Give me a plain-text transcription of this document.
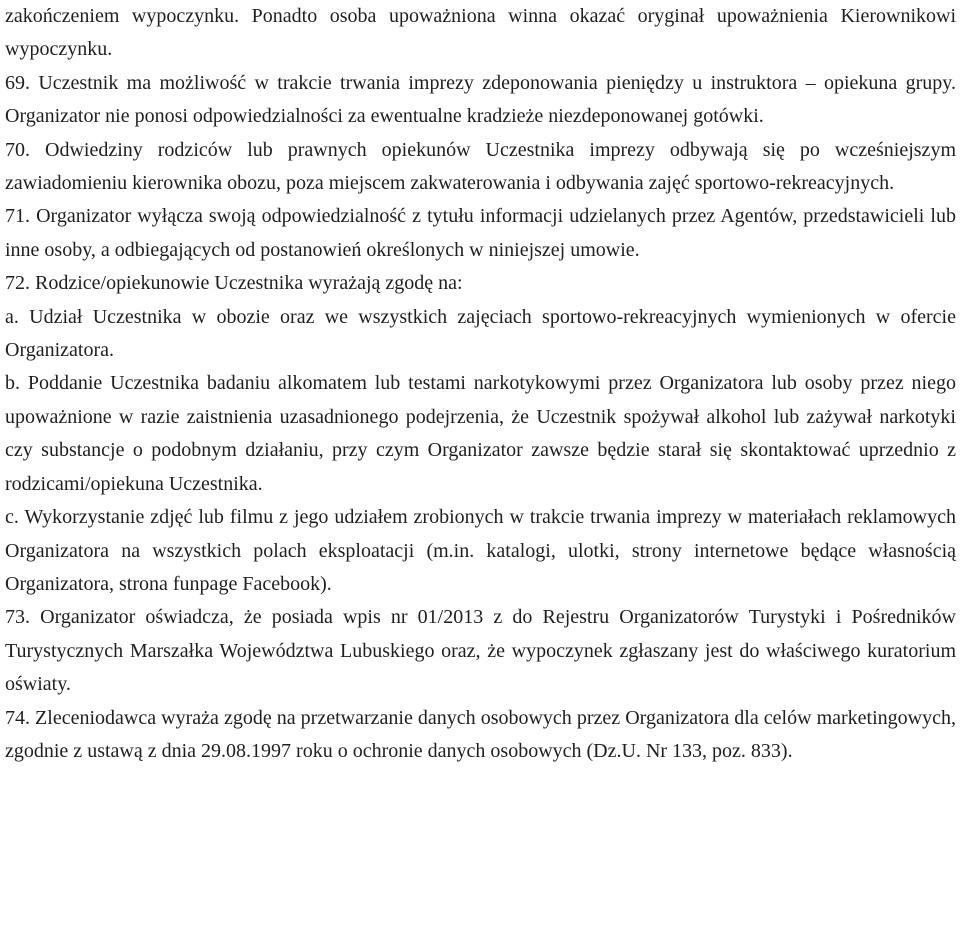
zakończeniem wypoczynku. Ponadto osoba upoważniona winna okazać oryginał upoważnienia Kierownikowi wypoczynku.

69. Uczestnik ma możliwość w trakcie trwania imprezy zdeponowania pieniędzy u instruktora – opiekuna grupy. Organizator nie ponosi odpowiedzialności za ewentualne kradzieże niezdeponowanej gotówki.

70. Odwiedziny rodziców lub prawnych opiekunów Uczestnika imprezy odbywają się po wcześniejszym zawiadomieniu kierownika obozu, poza miejscem zakwaterowania i odbywania zajęć sportowo-rekreacyjnych.

71. Organizator wyłącza swoją odpowiedzialność z tytułu informacji udzielanych przez Agentów, przedstawicieli lub inne osoby, a odbiegających od postanowień określonych w niniejszej umowie.

72. Rodzice/opiekunowie Uczestnika wyrażają zgodę na:

a. Udział Uczestnika w obozie oraz we wszystkich zajęciach sportowo-rekreacyjnych wymienionych w ofercie Organizatora.

b. Poddanie Uczestnika badaniu alkomatem lub testami narkotykowymi przez Organizatora lub osoby przez niego upoważnione w razie zaistnienia uzasadnionego podejrzenia, że Uczestnik spożywał alkohol lub zażywał narkotyki czy substancje o podobnym działaniu, przy czym Organizator zawsze będzie starał się skontaktować uprzednio z rodzicami/opiekuna Uczestnika.

c. Wykorzystanie zdjęć lub filmu z jego udziałem zrobionych w trakcie trwania imprezy w materiałach reklamowych Organizatora na wszystkich polach eksploatacji (m.in. katalogi, ulotki, strony internetowe będące własnością Organizatora, strona funpage Facebook).

73. Organizator oświadcza, że posiada wpis nr 01/2013 z do Rejestru Organizatorów Turystyki i Pośredników Turystycznych Marszałka Województwa Lubuskiego oraz, że wypoczynek zgłaszany jest do właściwego kuratorium oświaty.

74. Zleceniodawca wyraża zgodę na przetwarzanie danych osobowych przez Organizatora dla celów marketingowych, zgodnie z ustawą z dnia 29.08.1997 roku o ochronie danych osobowych (Dz.U. Nr 133, poz. 833).
